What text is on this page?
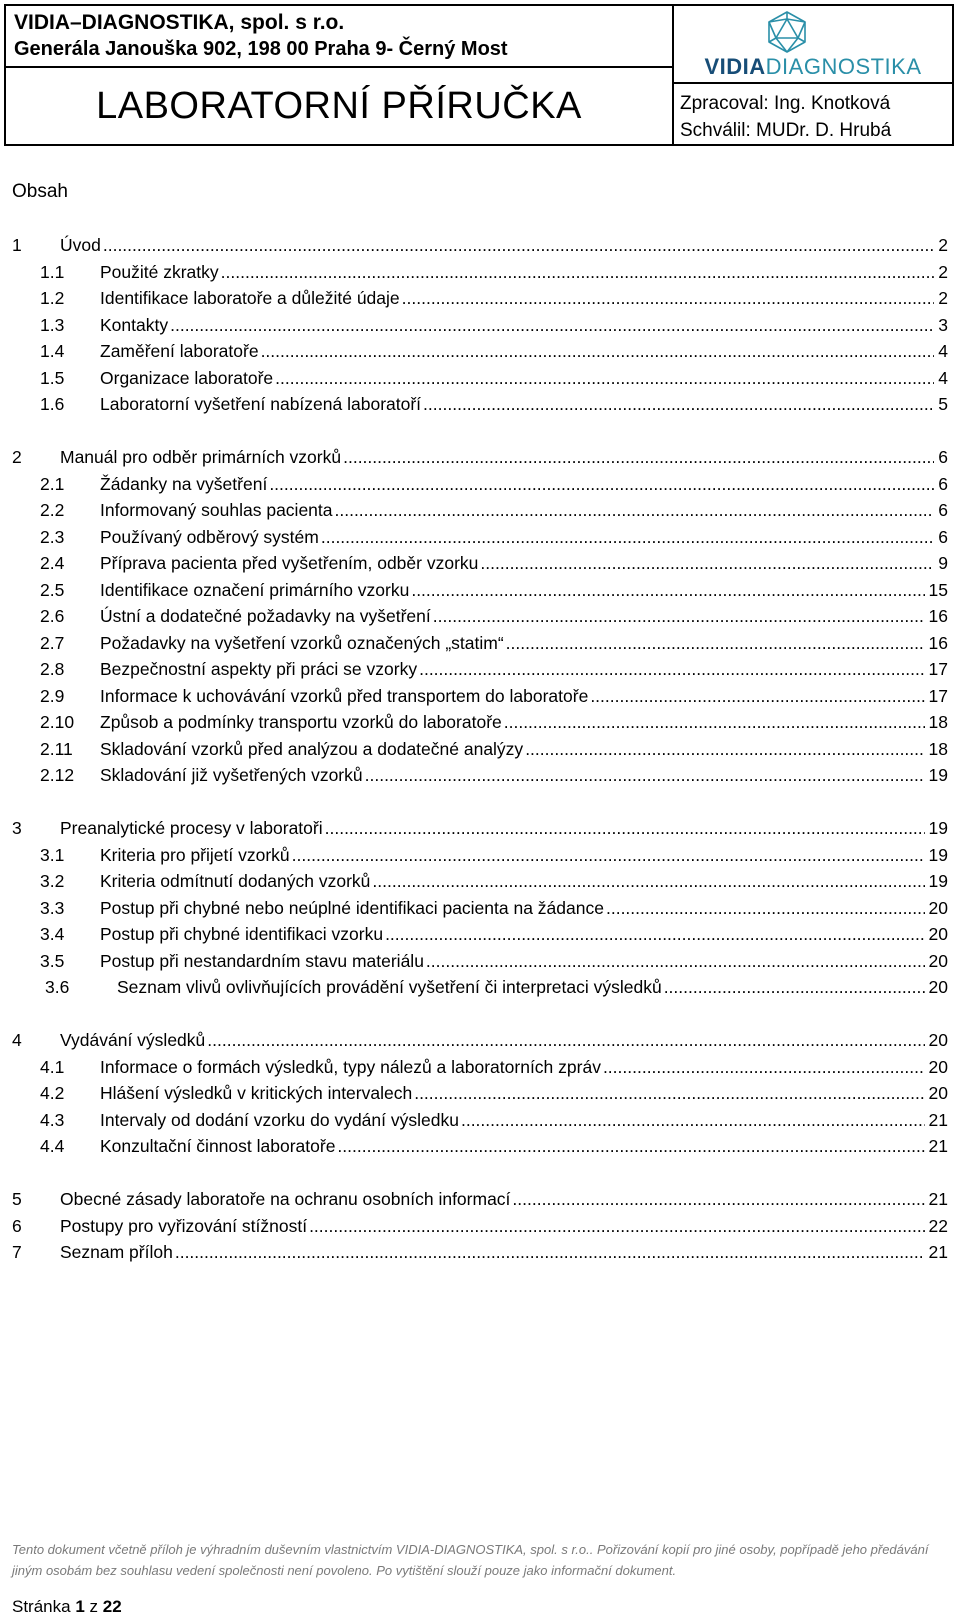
VIDIA–DIAGNOSTIKA, spol. s r.o.
Generála Janouška 902, 198 00 Praha 9- Černý Most
LABORATORNÍ PŘÍRUČKA
VIDIADIAGNOSTIKA
Zpracoval: Ing. Knotková
Schválil: MUDr. D. Hrubá
Obsah
1 Úvod .....	2
1.1 Použité zkratky .....	2
1.2 Identifikace laboratoře a důležité údaje .....	2
1.3 Kontakty .....	3
1.4 Zaměření laboratoře .....	4
1.5 Organizace laboratoře .....	4
1.6 Laboratorní vyšetření nabízená laboratoří .....	5
2 Manuál pro odběr primárních vzorků .....	6
2.1 Žádanky na vyšetření .....	6
2.2 Informovaný souhlas pacienta .....	6
2.3 Používaný odběrový systém .....	6
2.4 Příprava pacienta před vyšetřením, odběr vzorku .....	9
2.5 Identifikace označení primárního vzorku .....	15
2.6 Ústní a dodatečné požadavky na vyšetření .....	16
2.7 Požadavky na vyšetření vzorků označených „statim“ .....	16
2.8 Bezpečnostní aspekty při práci se vzorky .....	17
2.9 Informace k uchovávání vzorků před transportem do laboratoře .....	17
2.10 Způsob a podmínky transportu vzorků do laboratoře .....	18
2.11 Skladování vzorků před analýzou a dodatečné analýzy .....	18
2.12 Skladování již vyšetřených vzorků .....	19
3 Preanalytické procesy v laboratoři .....	19
3.1 Kriteria pro přijetí vzorků .....	19
3.2 Kriteria odmítnutí dodaných vzorků .....	19
3.3 Postup při chybné nebo neúplné identifikaci pacienta na žádance .....	20
3.4 Postup při chybné identifikaci vzorku .....	20
3.5 Postup při nestandardním stavu materiálu .....	20
3.6	Seznam vlivů ovlivňujících provádění vyšetření či interpretaci výsledků .....	20
4 Vydávání výsledků .....	20
4.1 Informace o formách výsledků, typy nálezů a laboratorních zpráv .....	20
4.2 Hlášení výsledků v kritických intervalech .....	20
4.3 Intervaly od dodání vzorku do vydání výsledku .....	21
4.4 Konzultační činnost laboratoře .....	21
5 Obecné zásady laboratoře na ochranu osobních informací .....	21
6 Postupy pro vyřizování stížností .....	22
7 Seznam příloh .....	21
Tento dokument včetně příloh je výhradním duševním vlastnictvím VIDIA-DIAGNOSTIKA, spol. s r.o.. Pořizování kopií pro jiné osoby, popřípadě jeho předávání jiným osobám bez souhlasu vedení společnosti není povoleno. Po vytištění slouží pouze jako informační dokument.
Stránka 1 z 22
